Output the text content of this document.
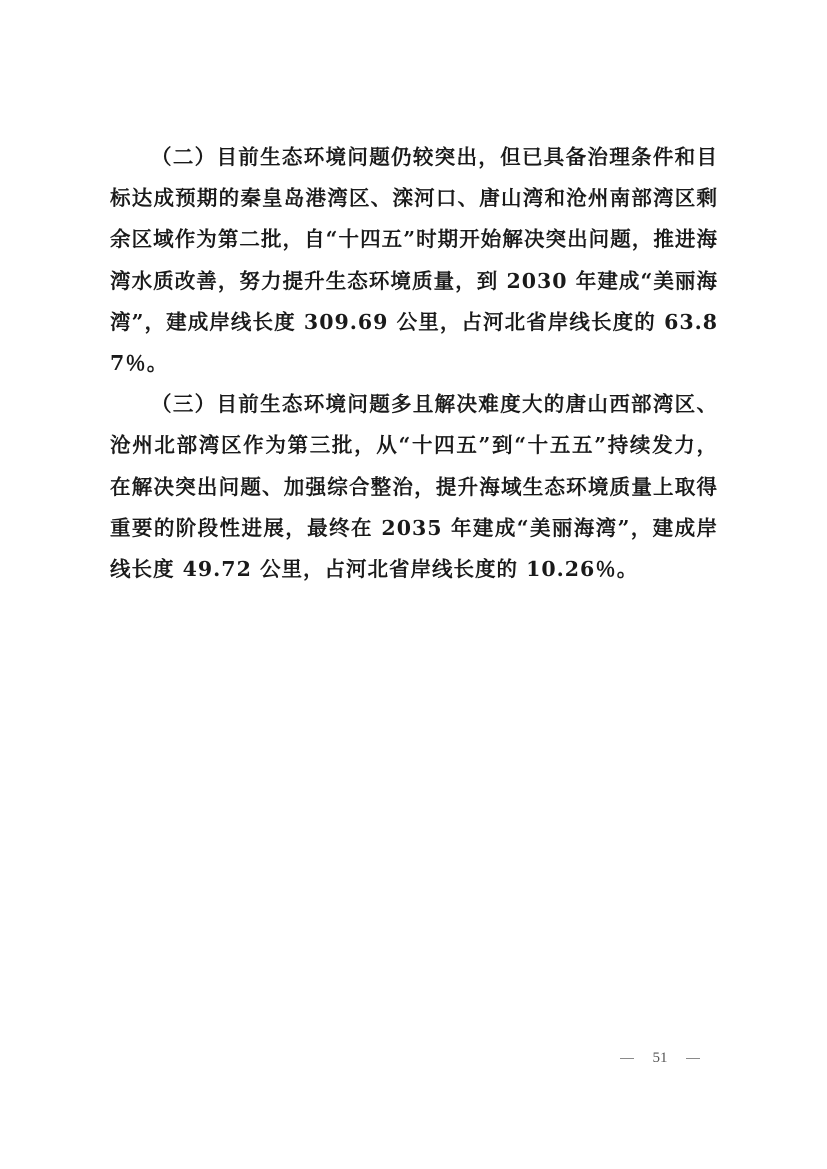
（二）目前生态环境问题仍较突出，但已具备治理条件和目标达成预期的秦皇岛港湾区、滦河口、唐山湾和沧州南部湾区剩余区域作为第二批，自“十四五”时期开始解决突出问题，推进海湾水质改善，努力提升生态环境质量，到 2030 年建成“美丽海湾”，建成岸线长度 309.69 公里，占河北省岸线长度的 63.87％。

（三）目前生态环境问题多且解决难度大的唐山西部湾区、沧州北部湾区作为第三批，从“十四五”到“十五五”持续发力，在解决突出问题、加强综合整治，提升海域生态环境质量上取得重要的阶段性进展，最终在 2035 年建成“美丽海湾”，建成岸线长度 49.72 公里，占河北省岸线长度的 10.26％。

51
